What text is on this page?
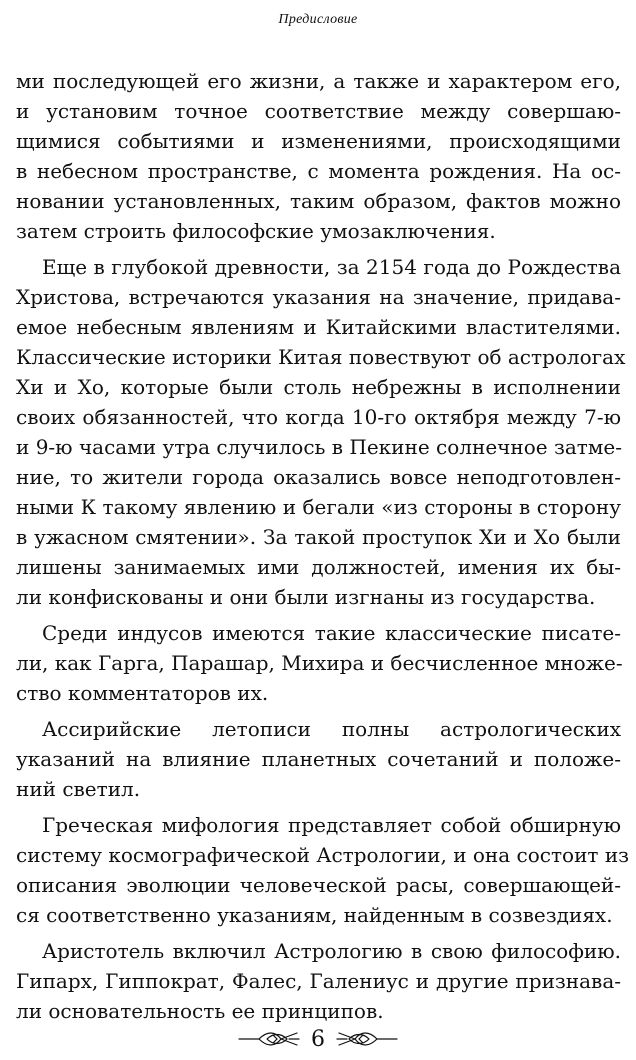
Предисловие
ми последующей его жизни, а также и характером его,
и установим точное соответствие между совершаю-
щимися событиями и изменениями, происходящими
в небесном пространстве, с момента рождения. На ос-
новании установленных, таким образом, фактов можно
затем строить философские умозаключения.
Еще в глубокой древности, за 2154 года до Рождества
Христова, встречаются указания на значение, придава-
емое небесным явлениям и Китайскими властителями.
Классические историки Китая повествуют об астрологах
Хи и Хо, которые были столь небрежны в исполнении
своих обязанностей, что когда 10-го октября между 7-ю
и 9-ю часами утра случилось в Пекине солнечное затме-
ние, то жители города оказались вовсе неподготовлен-
ными К такому явлению и бегали «из стороны в сторону
в ужасном смятении». За такой проступок Хи и Хо были
лишены занимаемых ими должностей, имения их бы-
ли конфискованы и они были изгнаны из государства.
Среди индусов имеются такие классические писате-
ли, как Гарга, Парашар, Михира и бесчисленное множе-
ство комментаторов их.
Ассирийские летописи полны астрологических
указаний на влияние планетных сочетаний и положе-
ний светил.
Греческая мифология представляет собой обширную
систему космографической Астрологии, и она состоит из
описания эволюции человеческой расы, совершающей-
ся соответственно указаниям, найденным в созвездиях.
Аристотель включил Астрологию в свою философию.
Гипарх, Гиппократ, Фалес, Галениус и другие признава-
ли основательность ее принципов.
6
